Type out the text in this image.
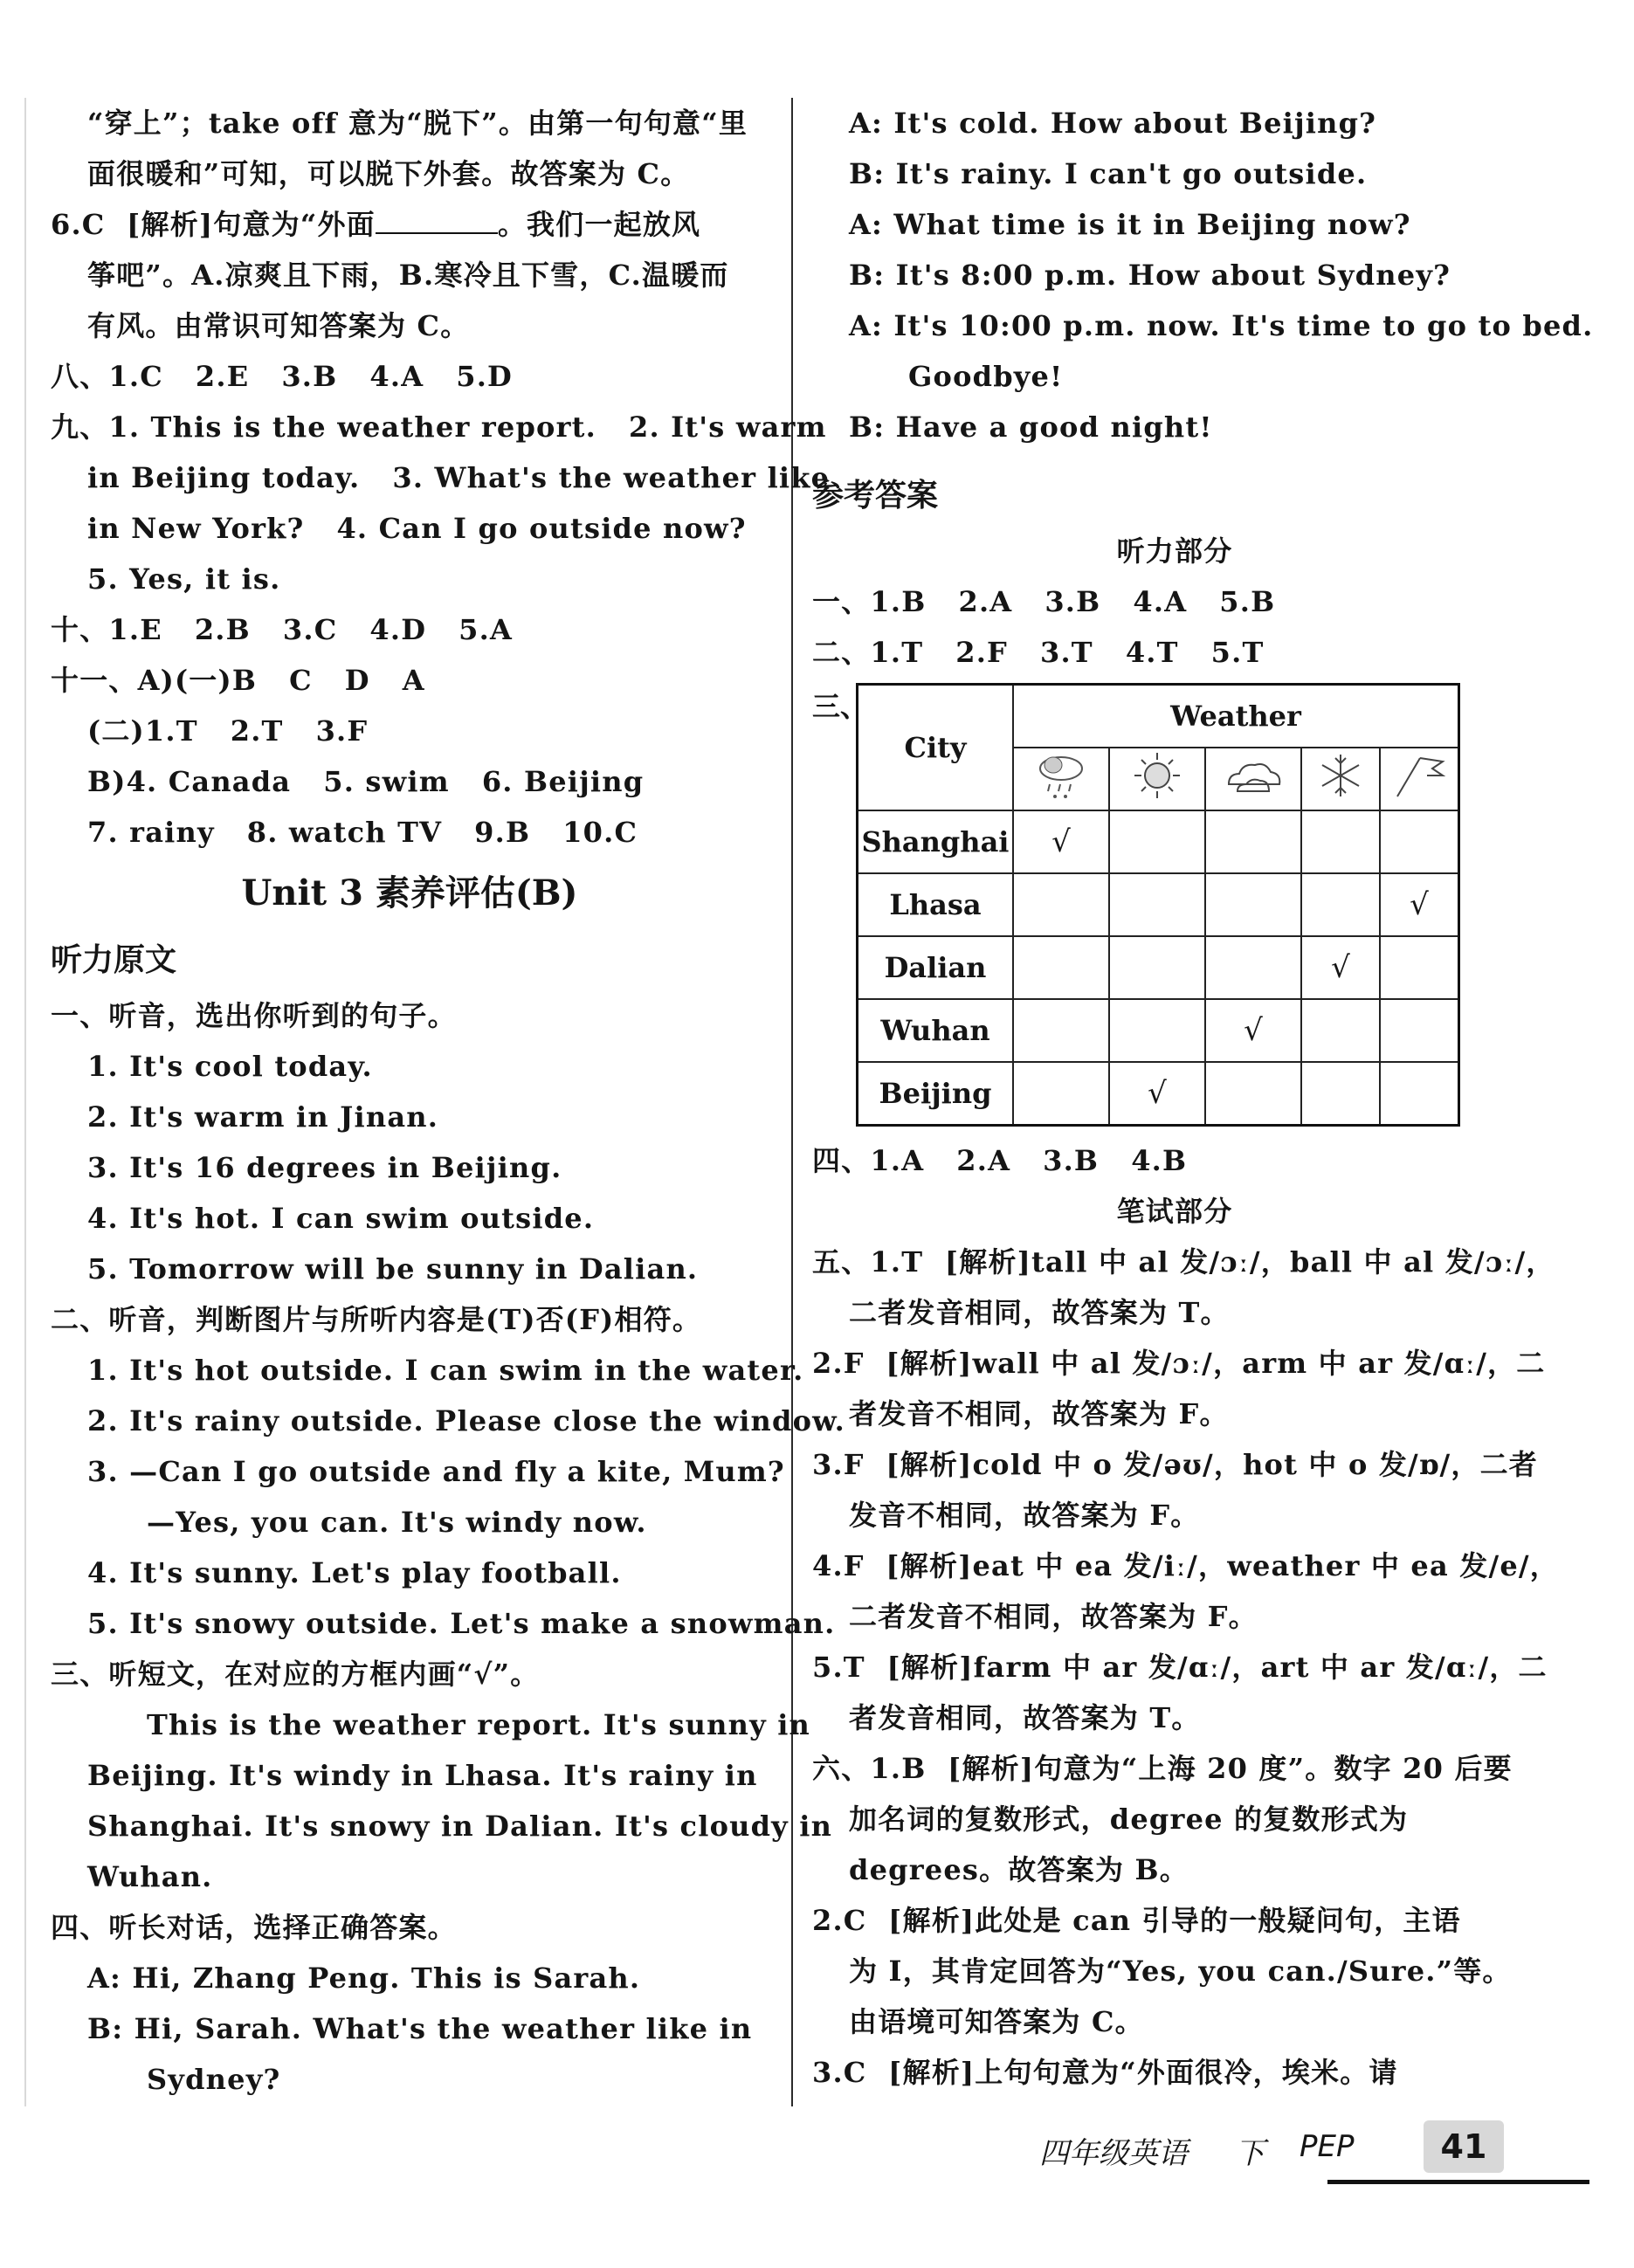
“穿上”；take off 意为“脱下”。由第一句句意“里
面很暖和”可知，可以脱下外套。故答案为 C。
6.C  [解析]句意为“外面	。我们一起放风
筝吧”。A.凉爽且下雨，B.寒冷且下雪，C.温暖而
有风。由常识可知答案为 C。
八、1.C   2.E   3.B   4.A   5.D
九、1. This is the weather report.   2. It's warm
in Beijing today.   3. What's the weather like
in New York?   4. Can I go outside now?
5. Yes, it is.
十、1.E   2.B   3.C   4.D   5.A
十一、A)(一)B   C   D   A
(二)1.T   2.T   3.F
B)4. Canada   5. swim   6. Beijing
7. rainy   8. watch TV   9.B   10.C
Unit 3 素养评估(B)
听力原文
一、听音，选出你听到的句子。
1. It's cool today.
2. It's warm in Jinan.
3. It's 16 degrees in Beijing.
4. It's hot. I can swim outside.
5. Tomorrow will be sunny in Dalian.
二、听音，判断图片与所听内容是(T)否(F)相符。
1. It's hot outside. I can swim in the water.
2. It's rainy outside. Please close the window.
3. —Can I go outside and fly a kite, Mum?
—Yes, you can. It's windy now.
4. It's sunny. Let's play football.
5. It's snowy outside. Let's make a snowman.
三、听短文，在对应的方框内画“√”。
This is the weather report. It's sunny in
Beijing. It's windy in Lhasa. It's rainy in
Shanghai. It's snowy in Dalian. It's cloudy in
Wuhan.
四、听长对话，选择正确答案。
A: Hi, Zhang Peng. This is Sarah.
B: Hi, Sarah. What's the weather like in
Sydney?
A: It's cold. How about Beijing?
B: It's rainy. I can't go outside.
A: What time is it in Beijing now?
B: It's 8:00 p.m. How about Sydney?
A: It's 10:00 p.m. now. It's time to go to bed.
Goodbye!
B: Have a good night!
参考答案
听力部分
一、1.B   2.A   3.B   4.A   5.B
二、1.T   2.F   3.T   4.T   5.T
三、
City	Weather				

Shanghai	√				
Lhasa					√
Dalian				√	
Wuhan			√		
Beijing		√			
四、1.A   2.A   3.B   4.B
笔试部分
五、1.T  [解析]tall 中 al 发/ɔː/，ball 中 al 发/ɔː/，
二者发音相同，故答案为 T。
2.F  [解析]wall 中 al 发/ɔː/，arm 中 ar 发/ɑː/，二
者发音不相同，故答案为 F。
3.F  [解析]cold 中 o 发/əʊ/，hot 中 o 发/ɒ/，二者
发音不相同，故答案为 F。
4.F  [解析]eat 中 ea 发/iː/，weather 中 ea 发/e/，
二者发音不相同，故答案为 F。
5.T  [解析]farm 中 ar 发/ɑː/，art 中 ar 发/ɑː/，二
者发音相同，故答案为 T。
六、1.B  [解析]句意为“上海 20 度”。数字 20 后要
加名词的复数形式，degree 的复数形式为
degrees。故答案为 B。
2.C  [解析]此处是 can 引导的一般疑问句，主语
为 I，其肯定回答为“Yes, you can./Sure.”等。
由语境可知答案为 C。
3.C  [解析]上句句意为“外面很冷，埃米。请
四年级英语 下 PEP	41
